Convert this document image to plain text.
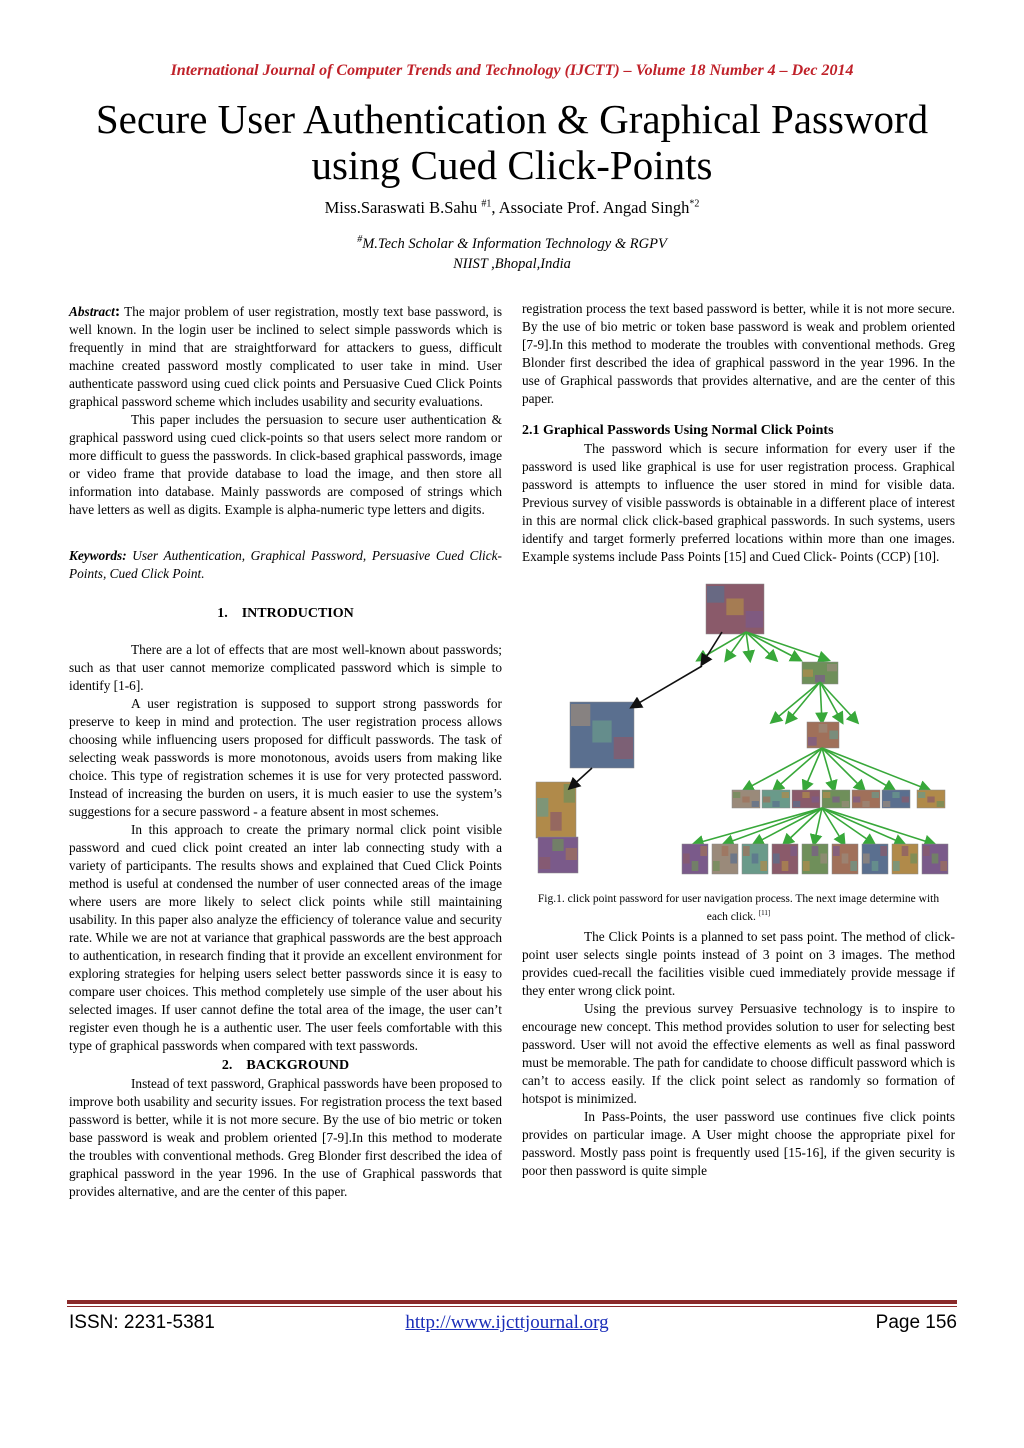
International Journal of Computer Trends and Technology (IJCTT) – Volume 18 Number 4 – Dec 2014
Secure User Authentication & Graphical Password using Cued Click-Points
Miss.Saraswati B.Sahu $^{\#1}$, Associate Prof. Angad Singh$^{*2}$
#M.Tech Scholar & Information Technology & RGPV
NIIST ,Bhopal,India

Abstract: The major problem of user registration, mostly text base password, is well known. In the login user be inclined to select simple passwords which is frequently in mind that are straightforward for attackers to guess, difficult machine created password mostly complicated to user take in mind. User authenticate password using cued click points and Persuasive Cued Click Points graphical password scheme which includes usability and security evaluations.

This paper includes the persuasion to secure user authentication & graphical password using cued click-points so that users select more random or more difficult to guess the passwords. In click-based graphical passwords, image or video frame that provide database to load the image, and then store all information into database. Mainly passwords are composed of strings which have letters as well as digits. Example is alpha-numeric type letters and digits.

Keywords: User Authentication, Graphical Password, Persuasive Cued Click-Points, Cued Click Point.

1.    INTRODUCTION

There are a lot of effects that are most well-known about passwords; such as that user cannot memorize complicated password which is simple to identify [1-6].

A user registration is supposed to support strong passwords for preserve to keep in mind and protection. The user registration process allows choosing while influencing users proposed for difficult passwords. The task of selecting weak passwords is more monotonous, avoids users from making like choice. This type of registration schemes it is use for very protected password. Instead of increasing the burden on users, it is much easier to use the system’s suggestions for a secure password - a feature absent in most schemes.

In this approach to create the primary normal click point visible password and cued click point created an inter lab connecting study with a variety of participants. The results shows and explained that Cued Click Points method is useful at condensed the number of user connected areas of the image where users are more likely to select click points while still maintaining usability. In this paper also analyze the efficiency of tolerance value and security rate. While we are not at variance that graphical passwords are the best approach to authentication, in research finding that it provide an excellent environment for exploring strategies for helping users select better passwords since it is easy to compare user choices. This method completely use simple of the user about his selected images. If user cannot define the total area of the image, the user can’t register even though he is a authentic user. The user feels comfortable with this type of graphical passwords when compared with text passwords.

2.    BACKGROUND

Instead of text password, Graphical passwords have been proposed to improve both usability and security issues. For registration process the text based password is better, while it is not more secure. By the use of bio metric or token base password is weak and problem oriented [7-9].In this method to moderate the troubles with conventional methods. Greg Blonder first described the idea of graphical password in the year 1996. In the use of Graphical passwords that provides alternative, and are the center of this paper.

registration process the text based password is better, while it is not more secure. By the use of bio metric or token base password is weak and problem oriented [7-9].In this method to moderate the troubles with conventional methods. Greg Blonder first described the idea of graphical password in the year 1996. In the use of Graphical passwords that provides alternative, and are the center of this paper.

2.1 Graphical Passwords Using Normal Click Points

The password which is secure information for every user if the password is used like graphical is use for user registration process. Graphical password is attempts to influence the user stored in mind for visible data. Previous survey of visible passwords is obtainable in a different place of interest in this are normal click click-based graphical passwords. In such systems, users identify and target formerly preferred locations within more than one images. Example systems include Pass Points [15] and Cued Click- Points (CCP) [10].

Fig.1. click point password for user navigation process. The next image determine with each click. [11]

The Click Points is a planned to set pass point. The method of click-point user selects single points instead of 3 point on 3 images. The method provides cued-recall the facilities visible cued immediately provide message if they enter wrong click point.

Using the previous survey Persuasive technology is to inspire to encourage new concept. This method provides solution to user for selecting best password. User will not avoid the effective elements as well as final password must be memorable. The path for candidate to choose difficult password which is can’t to access easily. If the click point select as randomly so formation of hotspot is minimized.

In Pass-Points, the user password use continues five click points provides on particular image. A User might choose the appropriate pixel for password. Mostly pass point is frequently used [15-16], if the given security is poor then password is quite simple

ISSN: 2231-5381	http://www.ijcttjournal.org	Page 156
